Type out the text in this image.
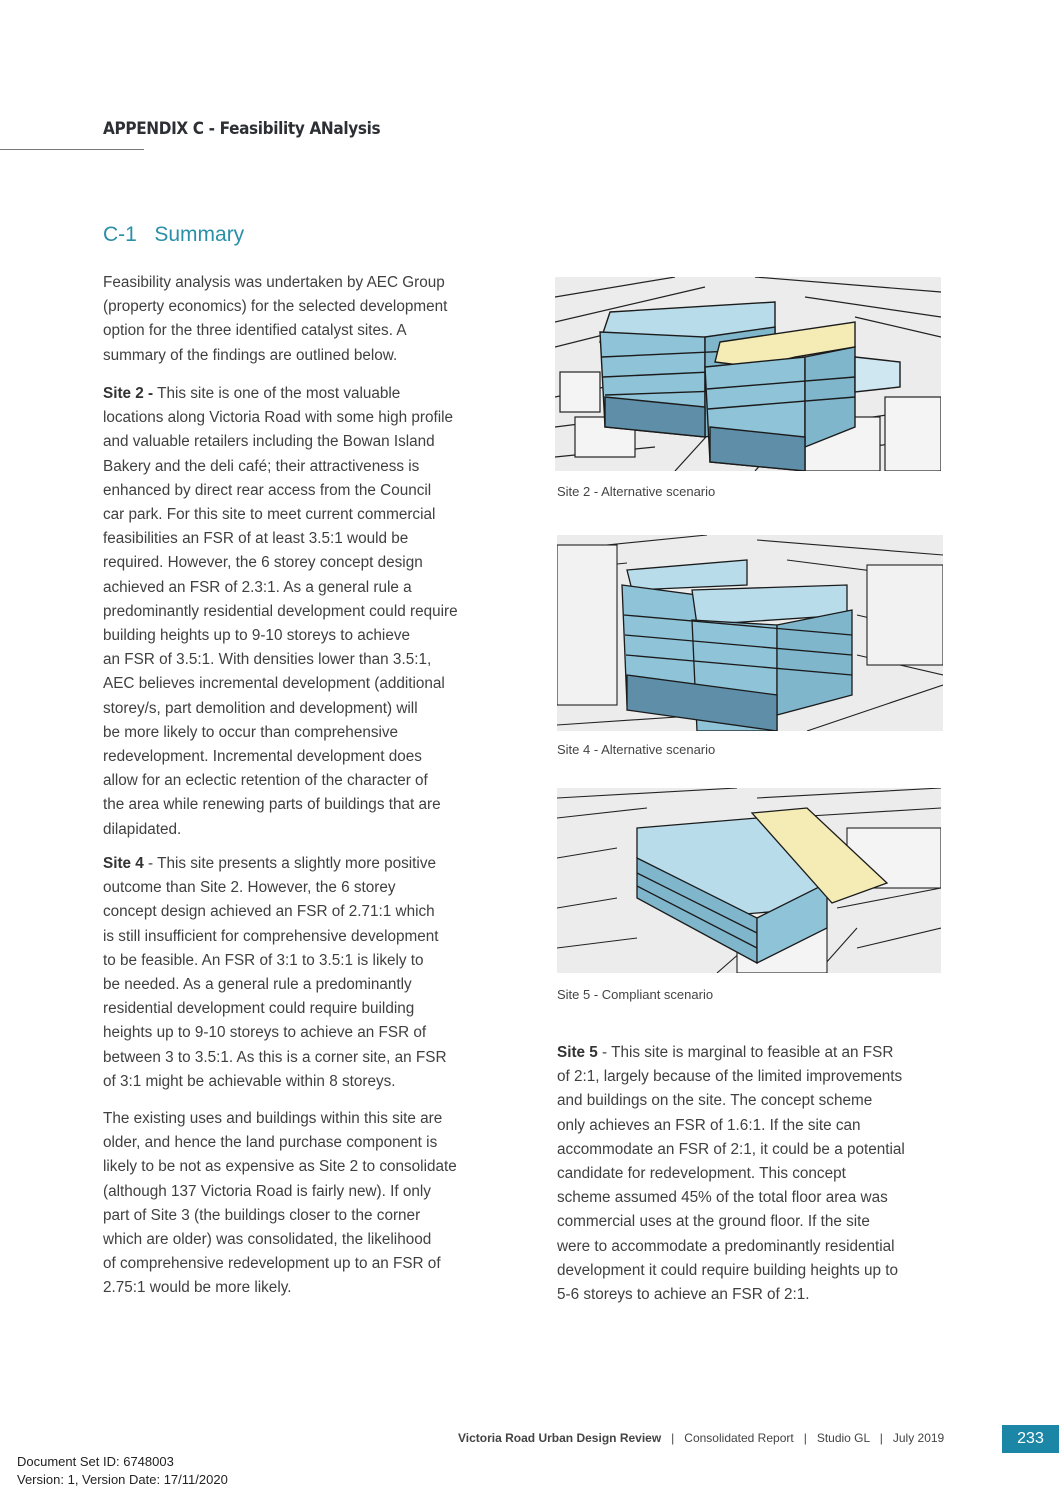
APPENDIX C - Feasibility ANalysis
C-1   Summary
Feasibility analysis was undertaken by AEC Group
(property economics) for the selected development
option for the three identified catalyst sites. A
summary of the findings are outlined below.
Site 2 - This site is one of the most valuable
locations along Victoria Road with some high profile
and valuable retailers including the Bowan Island
Bakery and the deli café; their attractiveness is
enhanced by direct rear access from the Council
car park. For this site to meet current commercial
feasibilities an FSR of at least 3.5:1 would be
required. However, the 6 storey concept design
achieved an FSR of 2.3:1. As a general rule a
predominantly residential development could require
building heights up to 9-10 storeys to achieve
an FSR of 3.5:1. With densities lower than 3.5:1,
AEC believes incremental development (additional
storey/s, part demolition and development) will
be more likely to occur than comprehensive
redevelopment. Incremental development does
allow for an eclectic retention of the character of
the area while renewing parts of buildings that are
dilapidated.
Site 4 - This site presents a slightly more positive
outcome than Site 2. However, the 6 storey
concept design achieved an FSR of 2.71:1 which
is still insufficient for comprehensive development
to be feasible. An FSR of 3:1 to 3.5:1 is likely to
be needed. As a general rule a predominantly
residential development could require building
heights up to 9-10 storeys to achieve an FSR of
between 3 to 3.5:1. As this is a corner site, an FSR
of 3:1 might be achievable within 8 storeys.
The existing uses and buildings within this site are
older, and hence the land purchase component is
likely to be not as expensive as Site 2 to consolidate
(although 137 Victoria Road is fairly new). If only
part of Site 3 (the buildings closer to the corner
which are older) was consolidated, the likelihood
of comprehensive redevelopment up to an FSR of
2.75:1 would be more likely.
Site 2 - Alternative scenario
Site 4 - Alternative scenario
Site 5 - Compliant scenario
Site 5 - This site is marginal to feasible at an FSR
of 2:1, largely because of the limited improvements
and buildings on the site. The concept scheme
only achieves an FSR of 1.6:1. If the site can
accommodate an FSR of 2:1, it could be a potential
candidate for redevelopment. This concept
scheme assumed 45% of the total floor area was
commercial uses at the ground floor. If the site
were to accommodate a predominantly residential
development it could require building heights up to
5-6 storeys to achieve an FSR of 2:1.
Victoria Road Urban Design Review   |   Consolidated Report   |   Studio GL   |   July 2019	233
Document Set ID: 6748003
Version: 1, Version Date: 17/11/2020
